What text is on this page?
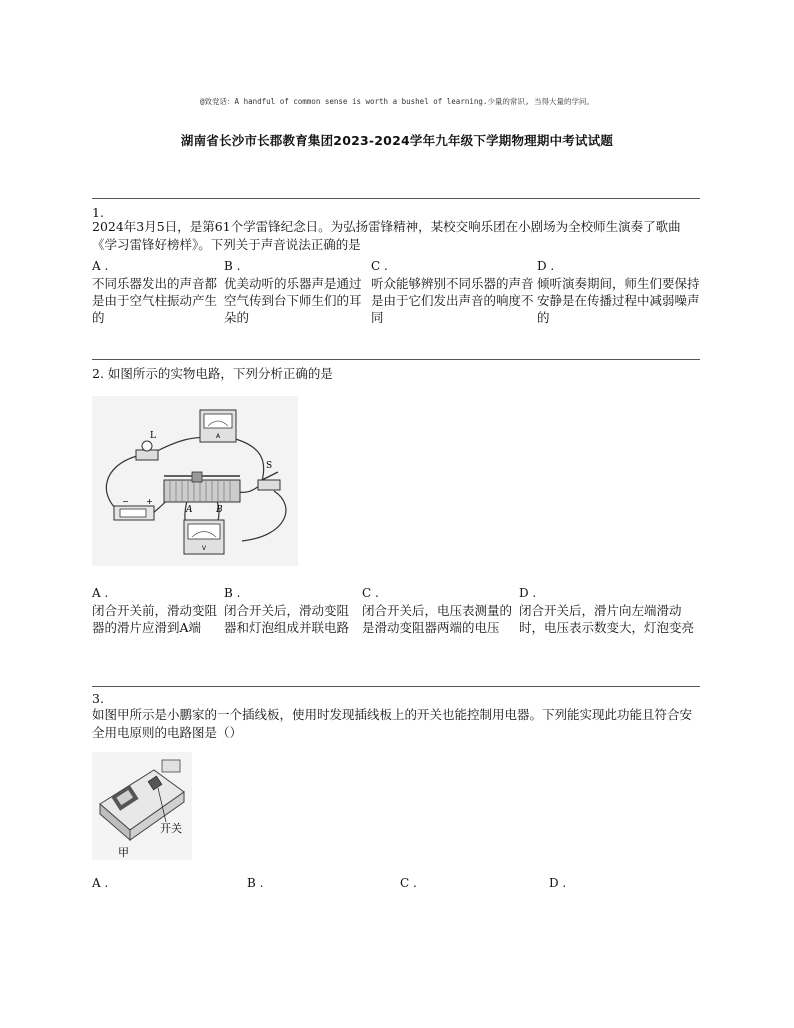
@致党话：A handful of common sense is worth a bushel of learning.少量的常识, 当得大量的学问。
湖南省长沙市长郡教育集团2023-2024学年九年级下学期物理期中考试试题
1.
2024年3月5日，是第61个学雷锋纪念日。为弘扬雷锋精神，某校交响乐团在小剧场为全校师生演奏了歌曲《学习雷锋好榜样》。下列关于声音说法正确的是
A .
不同乐器发出的声音都是由于空气柱振动产生的
B .
优美动听的乐器声是通过空气传到台下师生们的耳朵的
C .
听众能够辨别不同乐器的声音是由于它们发出声音的响度不同
D .
倾听演奏期间，师生们要保持安静是在传播过程中减弱噪声的
2. 如图所示的实物电路，下列分析正确的是
A
L
A	B
− +
S
V
A .
闭合开关前，滑动变阻器的滑片应滑到A端
B .
闭合开关后，滑动变阻器和灯泡组成并联电路
C .
闭合开关后，电压表测量的是滑动变阻器两端的电压
D .
闭合开关后，滑片向左端滑动时，电压表示数变大，灯泡变亮
3.
如图甲所示是小鹏家的一个插线板，使用时发现插线板上的开关也能控制用电器。下列能实现此功能且符合安全用电原则的电路图是（）
开关
甲
A .	B .	C .	D .
